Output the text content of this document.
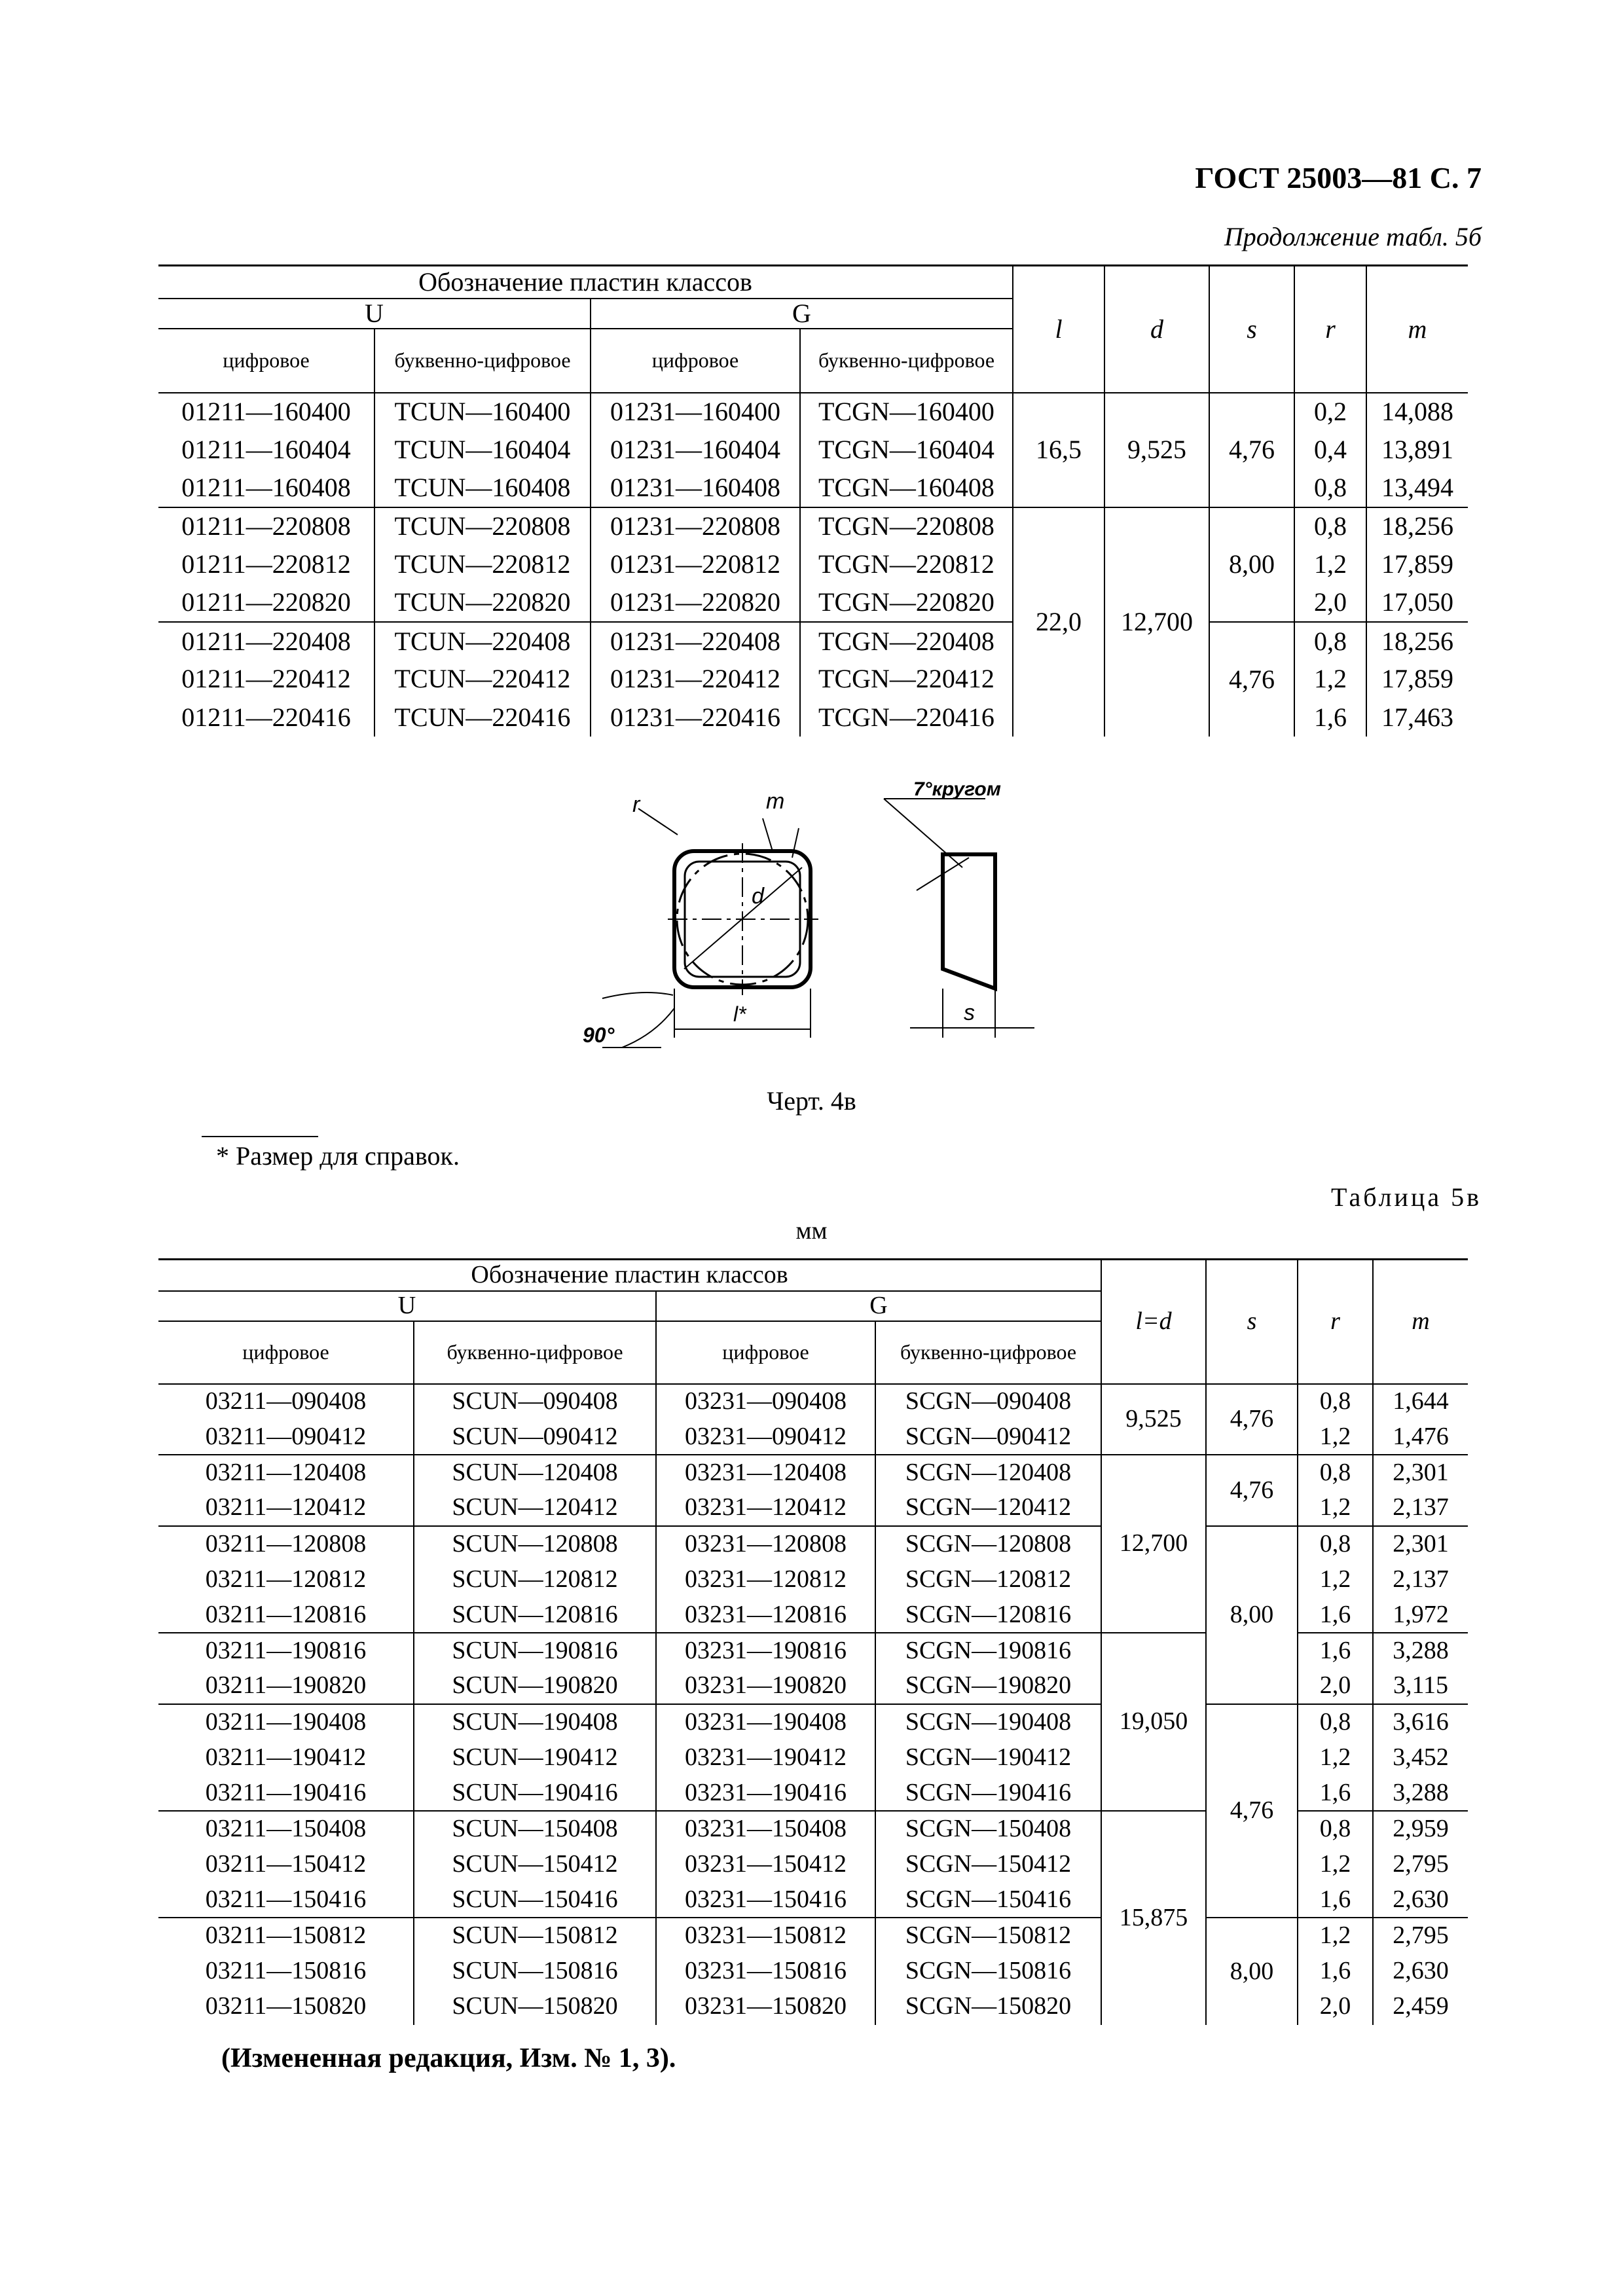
ГОСТ 25003—81 С. 7
Продолжение табл. 5б
Обозначение пластин классов				l	d	s	r	m
U		G						
цифровое	буквенно-цифровое	цифровое	буквенно-цифровое					
01211—160400	TCUN—160400	01231—160400	TCGN—160400	16,5	9,525	4,76	0,2	14,088
01211—160404	TCUN—160404	01231—160404	TCGN—160404				0,4	13,891
01211—160408	TCUN—160408	01231—160408	TCGN—160408				0,8	13,494
01211—220808	TCUN—220808	01231—220808	TCGN—220808	22,0	12,700	8,00	0,8	18,256
01211—220812	TCUN—220812	01231—220812	TCGN—220812				1,2	17,859
01211—220820	TCUN—220820	01231—220820	TCGN—220820				2,0	17,050
01211—220408	TCUN—220408	01231—220408	TCGN—220408			4,76	0,8	18,256
01211—220412	TCUN—220412	01231—220412	TCGN—220412				1,2	17,859
01211—220416	TCUN—220416	01231—220416	TCGN—220416				1,6	17,463
r	m
d
l*
90°
7°кругом
s
Черт. 4в
* Размер для справок.
Таблица 5в
мм
Обозначение пластин классов				l=d	s	r	m
U		G					
цифровое	буквенно-цифровое	цифровое	буквенно-цифровое				
03211—090408	SCUN—090408	03231—090408	SCGN—090408	9,525	4,76	0,8	1,644
03211—090412	SCUN—090412	03231—090412	SCGN—090412			1,2	1,476
03211—120408	SCUN—120408	03231—120408	SCGN—120408	12,700	4,76	0,8	2,301
03211—120412	SCUN—120412	03231—120412	SCGN—120412			1,2	2,137
03211—120808	SCUN—120808	03231—120808	SCGN—120808		8,00	0,8	2,301
03211—120812	SCUN—120812	03231—120812	SCGN—120812			1,2	2,137
03211—120816	SCUN—120816	03231—120816	SCGN—120816			1,6	1,972
03211—190816	SCUN—190816	03231—190816	SCGN—190816	19,050		1,6	3,288
03211—190820	SCUN—190820	03231—190820	SCGN—190820			2,0	3,115
03211—190408	SCUN—190408	03231—190408	SCGN—190408		4,76	0,8	3,616
03211—190412	SCUN—190412	03231—190412	SCGN—190412			1,2	3,452
03211—190416	SCUN—190416	03231—190416	SCGN—190416			1,6	3,288
03211—150408	SCUN—150408	03231—150408	SCGN—150408	15,875		0,8	2,959
03211—150412	SCUN—150412	03231—150412	SCGN—150412			1,2	2,795
03211—150416	SCUN—150416	03231—150416	SCGN—150416			1,6	2,630
03211—150812	SCUN—150812	03231—150812	SCGN—150812		8,00	1,2	2,795
03211—150816	SCUN—150816	03231—150816	SCGN—150816			1,6	2,630
03211—150820	SCUN—150820	03231—150820	SCGN—150820			2,0	2,459
(Измененная редакция, Изм. № 1, 3).
